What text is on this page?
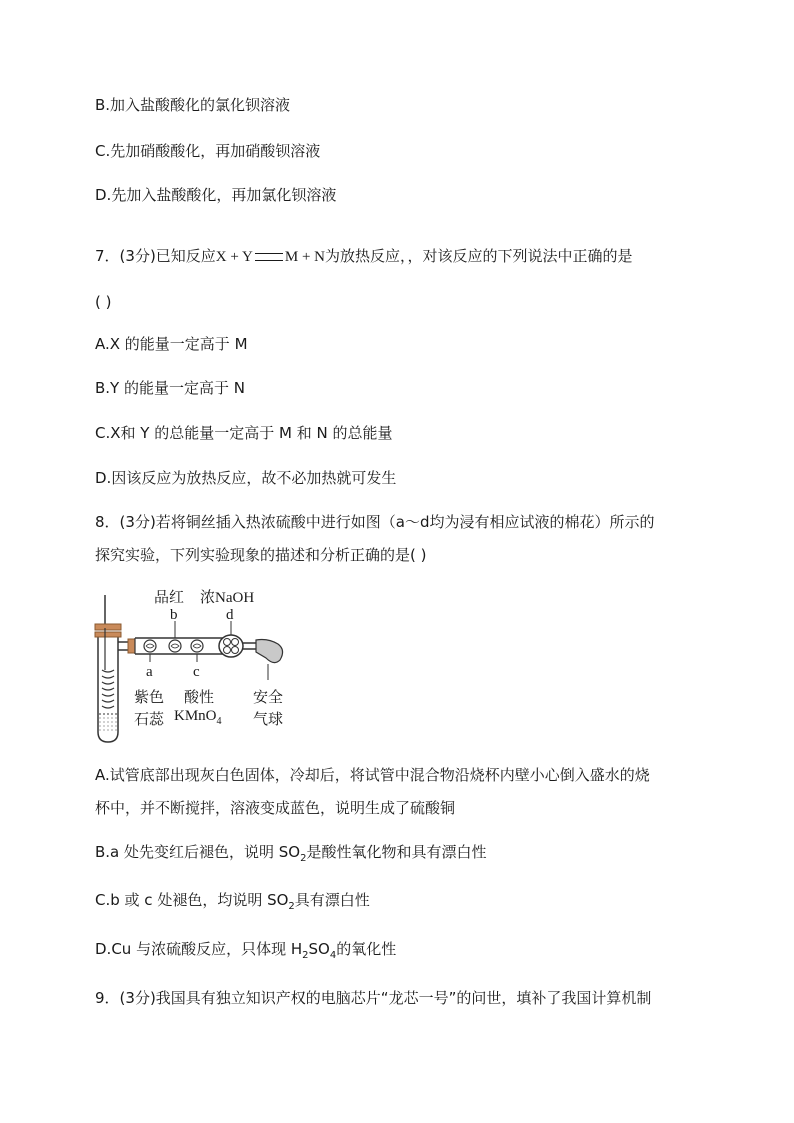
B.加入盐酸酸化的氯化钡溶液
C.先加硝酸酸化，再加硝酸钡溶液
D.先加入盐酸酸化，再加氯化钡溶液
7．(3分)已知反应X + Y M + N为放热反应，，对该反应的下列说法中正确的是
( )
A.X 的能量一定高于 M
B.Y 的能量一定高于 N
C.X和 Y 的总能量一定高于 M 和 N 的总能量
D.因该反应为放热反应，故不必加热就可发生
8．(3分)若将铜丝插入热浓硫酸中进行如图（a～d均为浸有相应试液的棉花）所示的
探究实验，下列实验现象的描述和分析正确的是( )
品红 浓NaOH
b	d
a	c
紫色
石蕊
酸性
KMnO$_4$
安全
气球
A.试管底部出现灰白色固体，冷却后，将试管中混合物沿烧杯内壁小心倒入盛水的烧
杯中，并不断搅拌，溶液变成蓝色，说明生成了硫酸铜
B.a 处先变红后褪色，说明 $SO_2$是酸性氧化物和具有漂白性
C.b 或 c 处褪色，均说明 $SO_2$具有漂白性
D.Cu 与浓硫酸反应，只体现 $H_2SO_4$的氧化性
9．(3分)我国具有独立知识产权的电脑芯片“龙芯一号”的问世，填补了我国计算机制
